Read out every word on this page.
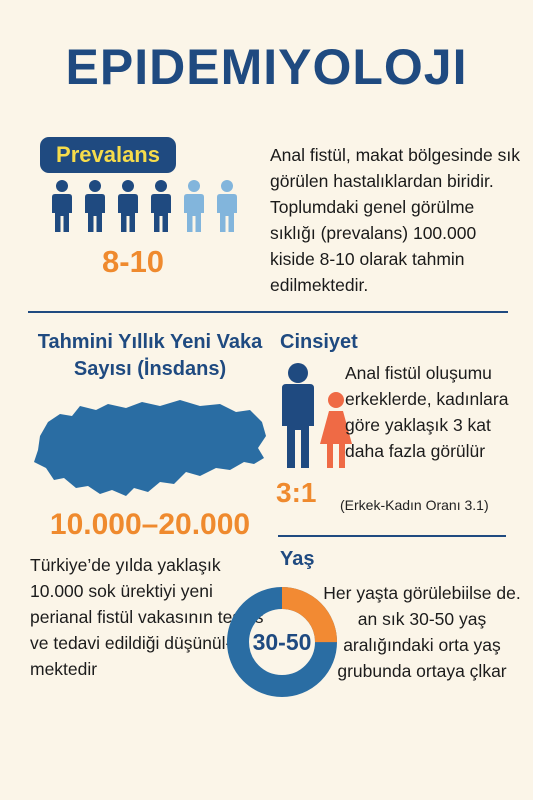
EPIDEMIYOLOJI
Prevalans
8-10
Anal fistül, makat bölgesinde sık görülen hastalıklardan biridir. Toplumdaki genel görülme sıklığı (prevalans) 100.000 kiside 8-10 olarak tahmin edilmektedir.
Tahmini Yıllık Yeni Vaka Sayısı (İnsdans)
10.000–20.000
Türkiye’de yılda yaklaşık 10.000 sok ürektiyi yeni perianal fistül vakasının teşhis ve tedavi edildiği düşünül-mektedir
Cinsiyet
3:1
Anal fistül oluşumu erkeklerde, kadınlara göre yaklaşık 3 kat daha fazla görülür
(Erkek-Kadın Oranı 3.1)
Yaş
30-50
Her yaşta görülebiilse de. an sık 30-50 yaş aralığındaki orta yaş grubunda ortaya çlkar
